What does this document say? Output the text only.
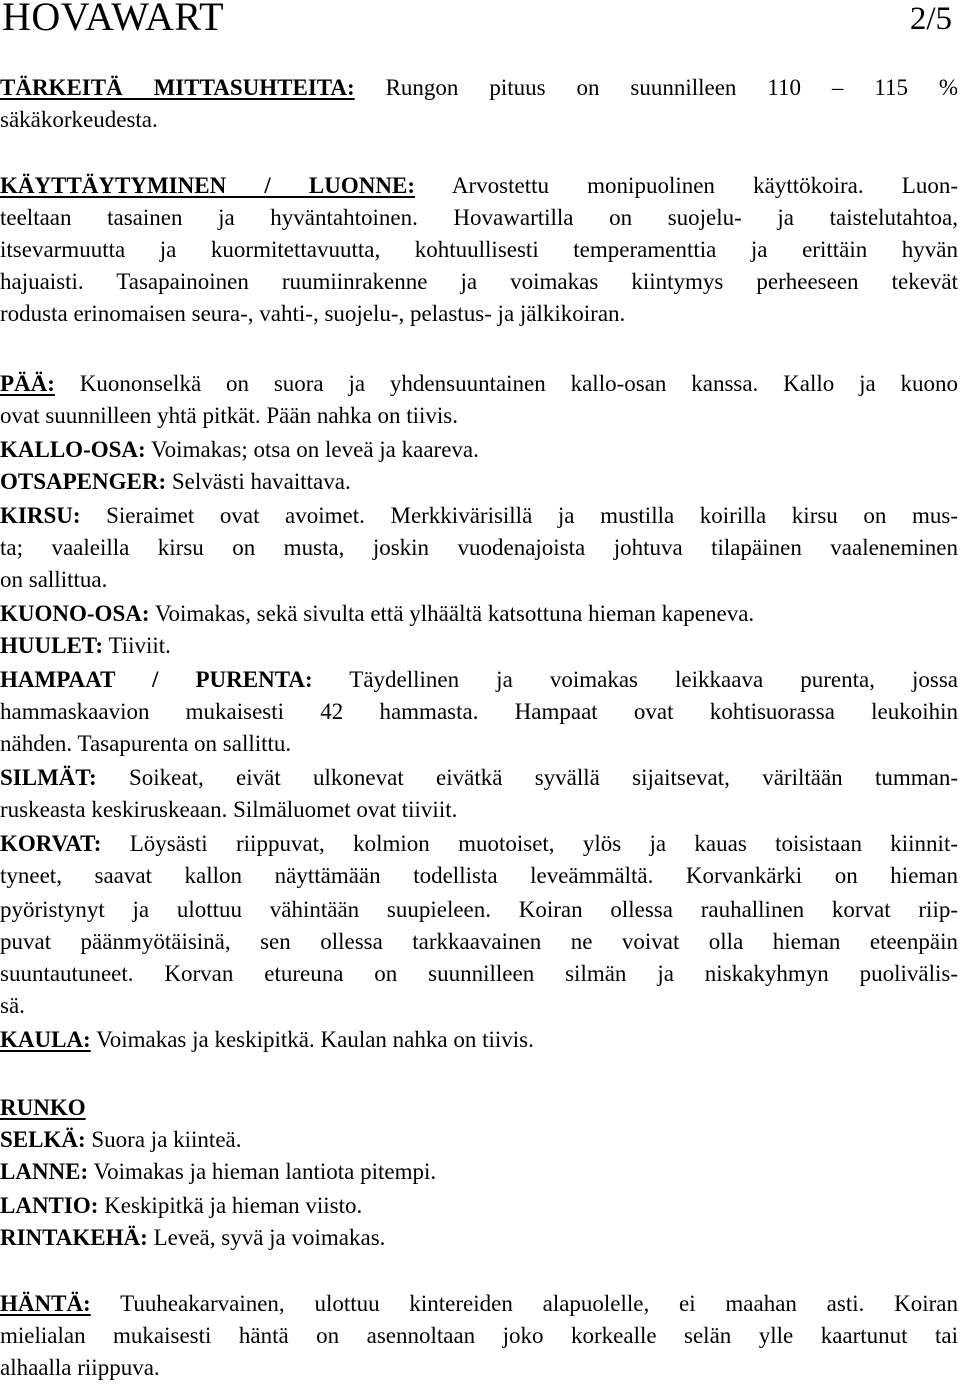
HOVAWART	2/5
TÄRKEITÄ MITTASUHTEITA: Rungon pituus on suunnilleen 110 – 115 %
säkäkorkeudesta.
KÄYTTÄYTYMINEN / LUONNE: Arvostettu monipuolinen käyttökoira. Luon-
teeltaan tasainen ja hyväntahtoinen. Hovawartilla on suojelu- ja taistelutahtoa,
itsevarmuutta ja kuormitettavuutta, kohtuullisesti temperamenttia ja erittäin hyvän
hajuaisti. Tasapainoinen ruumiinrakenne ja voimakas kiintymys perheeseen tekevät
rodusta erinomaisen seura-, vahti-, suojelu-, pelastus- ja jälkikoiran.
PÄÄ: Kuononselkä on suora ja yhdensuuntainen kallo-osan kanssa. Kallo ja kuono
ovat suunnilleen yhtä pitkät. Pään nahka on tiivis.
KALLO-OSA: Voimakas; otsa on leveä ja kaareva.
OTSAPENGER: Selvästi havaittava.
KIRSU: Sieraimet ovat avoimet. Merkkivärisillä ja mustilla koirilla kirsu on mus-
ta; vaaleilla kirsu on musta, joskin vuodenajoista johtuva tilapäinen vaaleneminen
on sallittua.
KUONO-OSA: Voimakas, sekä sivulta että ylhäältä katsottuna hieman kapeneva.
HUULET: Tiiviit.
HAMPAAT / PURENTA: Täydellinen ja voimakas leikkaava purenta, jossa
hammaskaavion mukaisesti 42 hammasta. Hampaat ovat kohtisuorassa leukoihin
nähden. Tasapurenta on sallittu.
SILMÄT: Soikeat, eivät ulkonevat eivätkä syvällä sijaitsevat, väriltään tumman-
ruskeasta keskiruskeaan. Silmäluomet ovat tiiviit.
KORVAT: Löysästi riippuvat, kolmion muotoiset, ylös ja kauas toisistaan kiinnit-
tyneet, saavat kallon näyttämään todellista leveämmältä. Korvankärki on hieman
pyöristynyt ja ulottuu vähintään suupieleen. Koiran ollessa rauhallinen korvat riip-
puvat päänmyötäisinä, sen ollessa tarkkaavainen ne voivat olla hieman eteenpäin
suuntautuneet. Korvan etureuna on suunnilleen silmän ja niskakyhmyn puolivälis-
sä.
KAULA: Voimakas ja keskipitkä. Kaulan nahka on tiivis.
RUNKO
SELKÄ: Suora ja kiinteä.
LANNE: Voimakas ja hieman lantiota pitempi.
LANTIO: Keskipitkä ja hieman viisto.
RINTAKEHÄ: Leveä, syvä ja voimakas.
HÄNTÄ: Tuuheakarvainen, ulottuu kintereiden alapuolelle, ei maahan asti. Koiran
mielialan mukaisesti häntä on asennoltaan joko korkealle selän ylle kaartunut tai
alhaalla riippuva.
